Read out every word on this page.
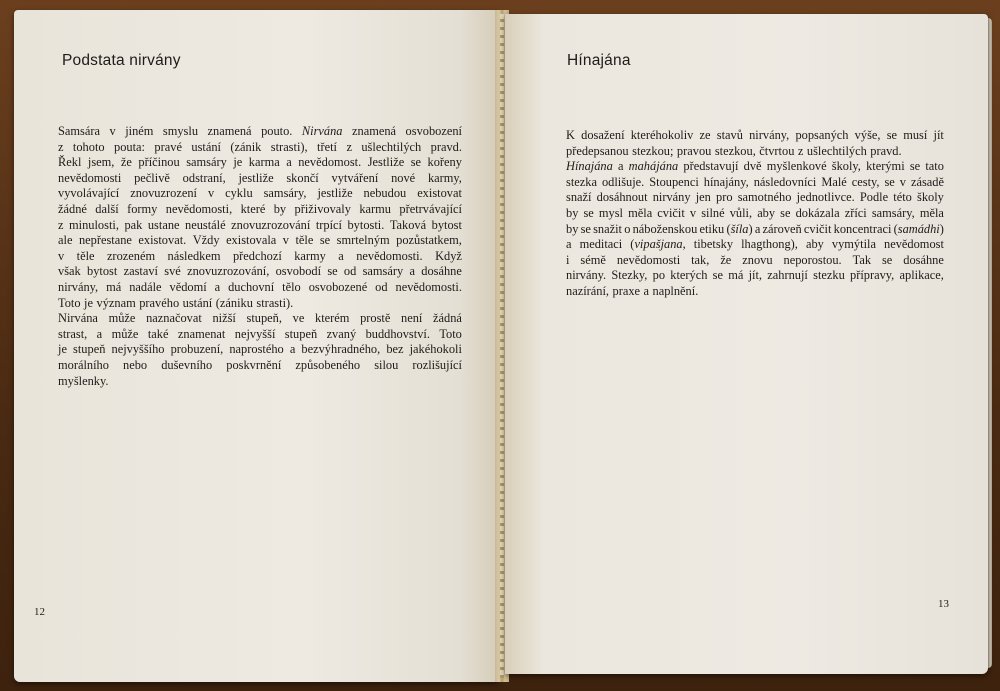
Podstata nirvány
Samsára v jiném smyslu znamená pouto. Nirvána znamená osvobození
z tohoto pouta: pravé ustání (zánik strasti), třetí z ušlechtilých pravd.
Řekl jsem, že příčinou samsáry je karma a nevědomost. Jestliže se kořeny
nevědomosti pečlivě odstraní, jestliže skončí vytváření nové karmy,
vyvolávající znovuzrození v cyklu samsáry, jestliže nebudou existovat
žádné další formy nevědomosti, které by přiživovaly karmu přetrvávající
z minulosti, pak ustane neustálé znovuzrozování trpící bytosti. Taková bytost
ale nepřestane existovat. Vždy existovala v těle se smrtelným pozůstatkem,
v těle zrozeném následkem předchozí karmy a nevědomosti. Když
však bytost zastaví své znovuzrozování, osvobodí se od samsáry a dosáhne
nirvány, má nadále vědomí a duchovní tělo osvobozené od nevědomosti.
Toto je význam pravého ustání (zániku strasti).
Nirvána může naznačovat nižší stupeň, ve kterém prostě není žádná
strast, a může také znamenat nejvyšší stupeň zvaný buddhovství. Toto
je stupeň nejvyššího probuzení, naprostého a bezvýhradného, bez jakéhokoli
morálního nebo duševního poskvrnění způsobeného silou rozlišující
myšlenky.
12
Hínajána
K dosažení kteréhokoliv ze stavů nirvány, popsaných výše, se musí jít
předepsanou stezkou; pravou stezkou, čtvrtou z ušlechtilých pravd.
Hínajána a mahájána představují dvě myšlenkové školy, kterými se tato
stezka odlišuje. Stoupenci hínajány, následovníci Malé cesty, se v zásadě
snaží dosáhnout nirvány jen pro samotného jednotlivce. Podle této školy
by se mysl měla cvičit v silné vůli, aby se dokázala zříci samsáry, měla
by se snažit o náboženskou etiku (šíla) a zároveň cvičit koncentraci (samádhi)
a meditaci (vipašjana, tibetsky lhagthong), aby vymýtila nevědomost
i sémě nevědomosti tak, že znovu neporostou. Tak se dosáhne
nirvány. Stezky, po kterých se má jít, zahrnují stezku přípravy, aplikace,
nazírání, praxe a naplnění.
13
